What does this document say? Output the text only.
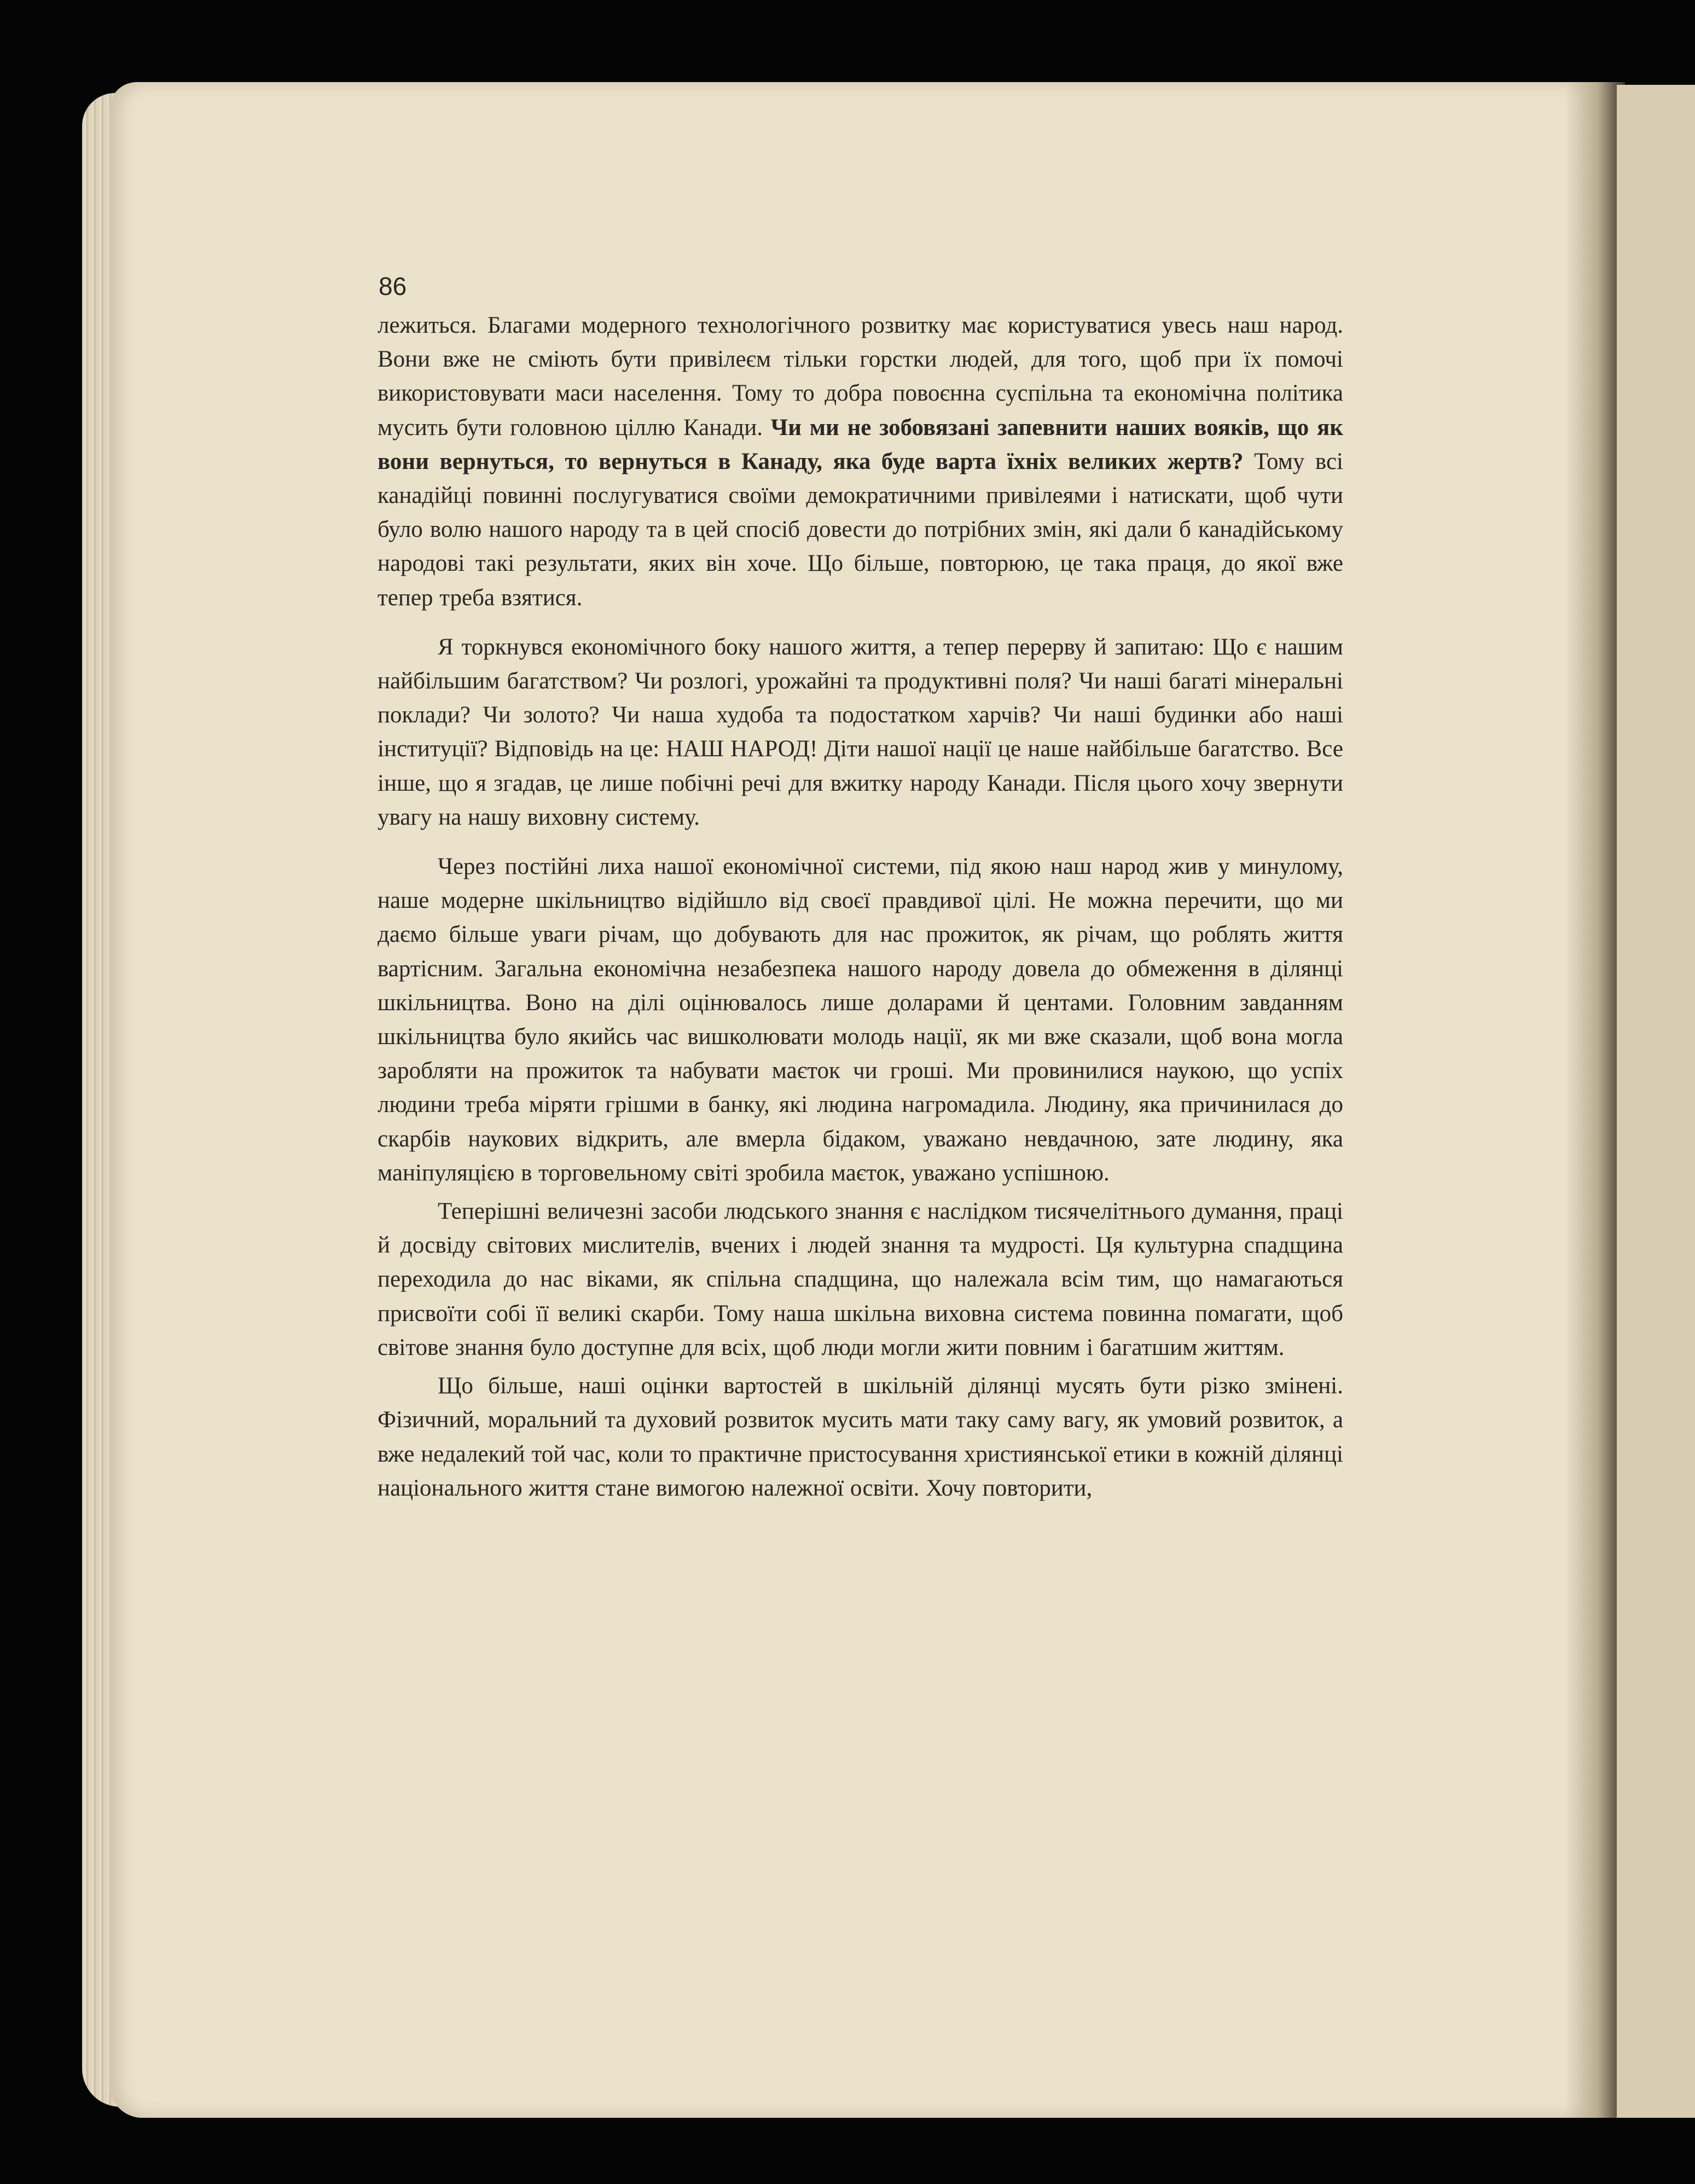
86

лежиться. Благами модерного технологічного розвитку має користуватися увесь наш народ. Вони вже не сміють бути привілеєм тільки горстки людей, для того, щоб при їх помочі використовувати маси населення. Тому то добра повоєнна суспільна та економічна політика мусить бути головною ціллю Канади. Чи ми не зобовязані запевнити наших вояків, що як вони вернуться, то вернуться в Канаду, яка буде варта їхніх великих жертв? Тому всі канадійці повинні послугуватися своїми демократичними привілеями і натискати, щоб чути було волю нашого народу та в цей спосіб довести до потрібних змін, які дали б канадійському народові такі результати, яких він хоче. Що більше, повторюю, це така праця, до якої вже тепер треба взятися.

Я торкнувся економічного боку нашого життя, а тепер перерву й запитаю: Що є нашим найбільшим багатством? Чи розлогі, урожайні та продуктивні поля? Чи наші багаті мінеральні поклади? Чи золото? Чи наша худоба та подостатком харчів? Чи наші будинки або наші інституції? Відповідь на це: НАШ НАРОД! Діти нашої нації це наше найбільше багатство. Все інше, що я згадав, це лише побічні речі для вжитку народу Канади. Після цього хочу звернути увагу на нашу виховну систему.

Через постійні лиха нашої економічної системи, під якою наш народ жив у минулому, наше модерне шкільництво відійшло від своєї правдивої цілі. Не можна перечити, що ми даємо більше уваги річам, що добувають для нас прожиток, як річам, що роблять життя вартісним. Загальна економічна незабезпека нашого народу довела до обмеження в ділянці шкільництва. Воно на ділі оцінювалось лише доларами й центами. Головним завданням шкільництва було якийсь час вишколювати молодь нації, як ми вже сказали, щоб вона могла заробляти на прожиток та набувати маєток чи гроші. Ми провинилися наукою, що успіх людини треба міряти грішми в банку, які людина нагромадила. Людину, яка причинилася до скарбів наукових відкрить, але вмерла бідаком, уважано невдачною, зате людину, яка маніпуляцією в торговельному світі зробила маєток, уважано успішною.

Теперішні величезні засоби людського знання є наслідком тисячелітнього думання, праці й досвіду світових мислителів, вчених і людей знання та мудрості. Ця культурна спадщина переходила до нас віками, як спільна спадщина, що належала всім тим, що намагаються присвоїти собі її великі скарби. Тому наша шкільна виховна система повинна помагати, щоб світове знання було доступне для всіх, щоб люди могли жити повним і багатшим життям.

Що більше, наші оцінки вартостей в шкільній ділянці мусять бути різко змінені. Фізичний, моральний та духовий розвиток мусить мати таку саму вагу, як умовий розвиток, а вже недалекий той час, коли то практичне пристосування християнської етики в кожній ділянці національного життя стане вимогою належної освіти. Хочу повторити,
